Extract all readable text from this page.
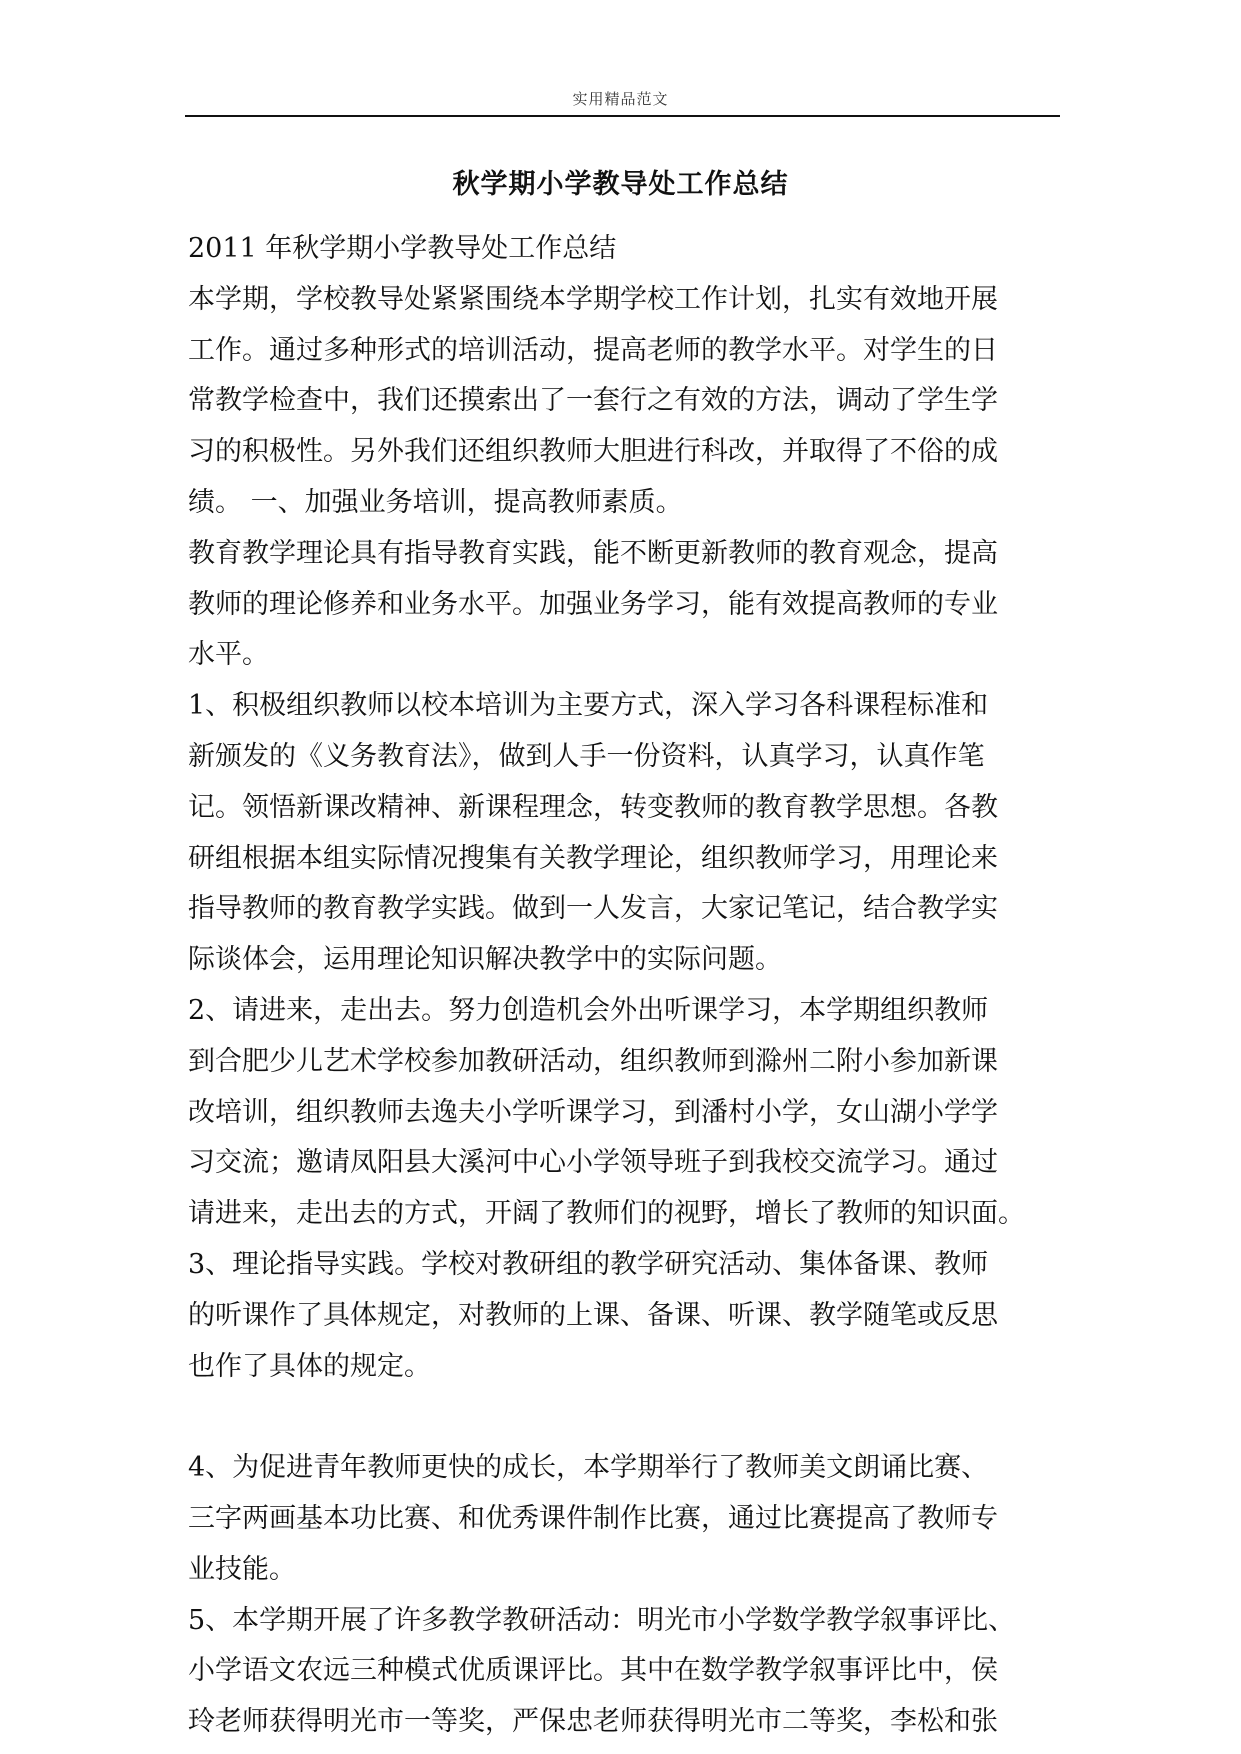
实用精品范文
秋学期小学教导处工作总结
2011 年秋学期小学教导处工作总结
本学期，学校教导处紧紧围绕本学期学校工作计划，扎实有效地开展
工作。通过多种形式的培训活动，提高老师的教学水平。对学生的日
常教学检查中，我们还摸索出了一套行之有效的方法，调动了学生学
习的积极性。另外我们还组织教师大胆进行科改，并取得了不俗的成
绩。 一、加强业务培训，提高教师素质。
教育教学理论具有指导教育实践，能不断更新教师的教育观念，提高
教师的理论修养和业务水平。加强业务学习，能有效提高教师的专业
水平。
1、积极组织教师以校本培训为主要方式，深入学习各科课程标准和
新颁发的《义务教育法》，做到人手一份资料，认真学习，认真作笔
记。领悟新课改精神、新课程理念，转变教师的教育教学思想。各教
研组根据本组实际情况搜集有关教学理论，组织教师学习，用理论来
指导教师的教育教学实践。做到一人发言，大家记笔记，结合教学实
际谈体会，运用理论知识解决教学中的实际问题。
2、请进来，走出去。努力创造机会外出听课学习，本学期组织教师
到合肥少儿艺术学校参加教研活动，组织教师到滁州二附小参加新课
改培训，组织教师去逸夫小学听课学习，到潘村小学，女山湖小学学
习交流；邀请凤阳县大溪河中心小学领导班子到我校交流学习。通过
请进来，走出去的方式，开阔了教师们的视野，增长了教师的知识面。
3、理论指导实践。学校对教研组的教学研究活动、集体备课、教师
的听课作了具体规定，对教师的上课、备课、听课、教学随笔或反思
也作了具体的规定。
4、为促进青年教师更快的成长，本学期举行了教师美文朗诵比赛、
三字两画基本功比赛、和优秀课件制作比赛，通过比赛提高了教师专
业技能。
5、本学期开展了许多教学教研活动：明光市小学数学教学叙事评比、
小学语文农远三种模式优质课评比。其中在数学教学叙事评比中，侯
玲老师获得明光市一等奖，严保忠老师获得明光市二等奖，李松和张
